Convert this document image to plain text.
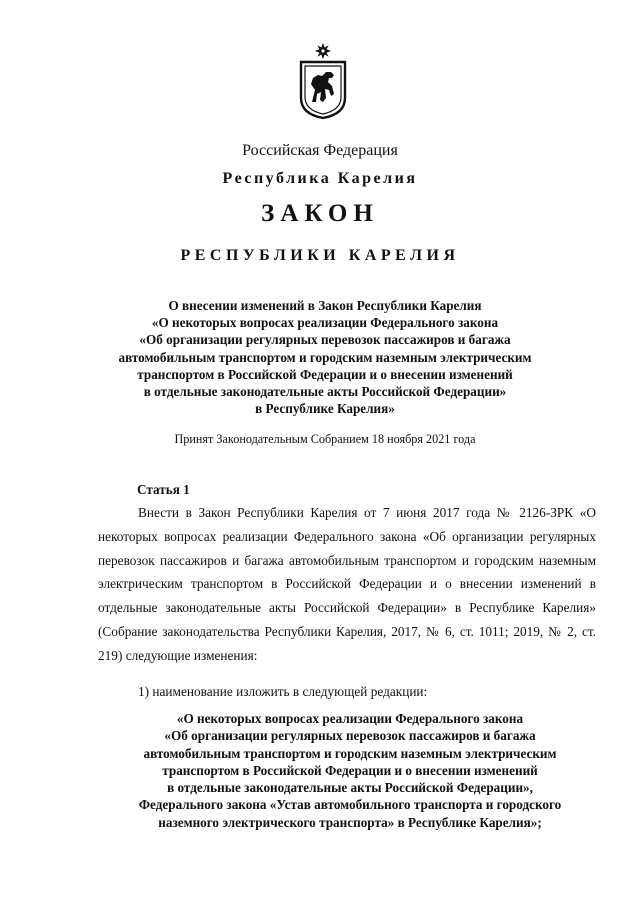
Российская Федерация
Республика Карелия
ЗАКОН
РЕСПУБЛИКИ КАРЕЛИЯ
О внесении изменений в Закон Республики Карелия
«О некоторых вопросах реализации Федерального закона
«Об организации регулярных перевозок пассажиров и багажа
автомобильным транспортом и городским наземным электрическим
транспортом в Российской Федерации и о внесении изменений
в отдельные законодательные акты Российской Федерации»
в Республике Карелия»
Принят Законодательным Собранием 18 ноября 2021 года
Статья 1

Внести в Закон Республики Карелия от 7 июня 2017 года № 2126-ЗРК «О некоторых вопросах реализации Федерального закона «Об организации регулярных перевозок пассажиров и багажа автомобильным транспортом и городским наземным электрическим транспортом в Российской Федерации и о внесении изменений в отдельные законодательные акты Российской Федерации» в Республике Карелия» (Собрание законодательства Республики Карелия, 2017, № 6, ст. 1011; 2019, № 2, ст. 219) следующие изменения:

1) наименование изложить в следующей редакции:
«О некоторых вопросах реализации Федерального закона
«Об организации регулярных перевозок пассажиров и багажа
автомобильным транспортом и городским наземным электрическим
транспортом в Российской Федерации и о внесении изменений
в отдельные законодательные акты Российской Федерации»,
Федерального закона «Устав автомобильного транспорта и городского
наземного электрического транспорта» в Республике Карелия»;
